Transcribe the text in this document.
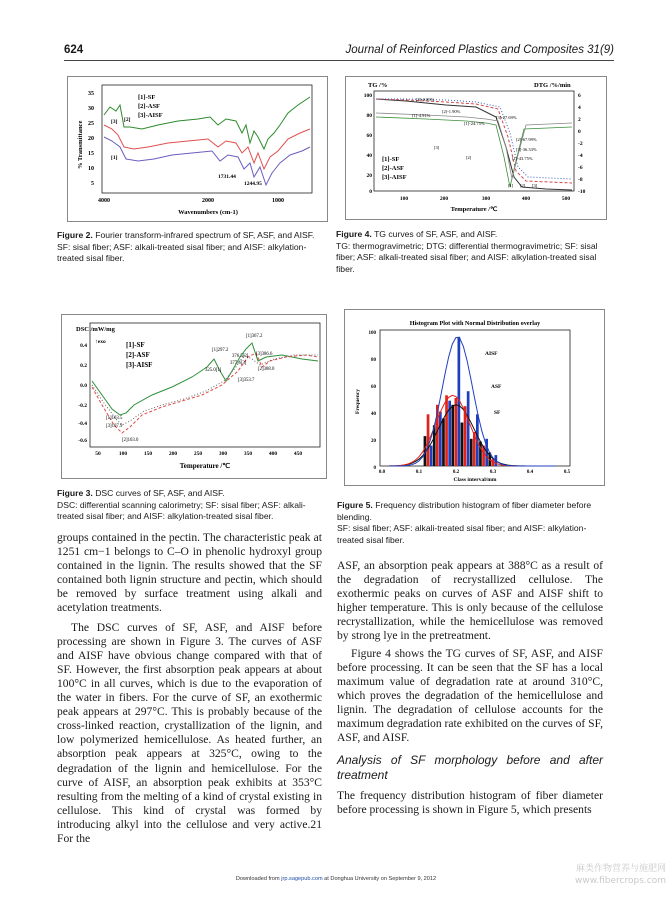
624	Journal of Reinforced Plastics and Composites 31(9)
% Transmittance
35
30
25
20
15
10
5
4000	2000	1000
Wavenumbers (cm-1)
[1]-SF
[2]-ASF
[3]-AISF
[3] [2]
[1]
1731.44
1244.95
Figure 2. Fourier transform-infrared spectrum of SF, ASF, and AISF.
SF: sisal fiber; ASF: alkali-treated sisal fiber; and AISF: alkylation-treated sisal fiber.
TG /%	DTG /%/min
100
80
60
40
20
0
6
4
2
0
-2
-4
-6
-8
-10
100	200	300	400	500
Temperature /℃
[1]-SF
[2]-ASF
[3]-AISF
[3]-0.89%
[1]-4.91%
[2]-1.90%
[1]-24.75%
[3]-27.69%
[2]-67.99%
[3]-36.33%
[1]-43.75%
[3]
[2]
[1] [2] [3]
Figure 4. TG curves of SF, ASF, and AISF.
TG: thermogravimetric; DTG: differential thermogravimetric; SF: sisal fiber; ASF: alkali-treated sisal fiber; and AISF: alkylation-treated sisal fiber.
DSC /mW/mg
↑exo
0.4
0.2
0.0
-0.2
-0.4
-0.6
50	100	150	200	250	300	350	400	450
Temperature /℃
[1]-SF
[2]-ASF
[3]-AISF
[1]367.2
[1]297.2
376.5[2] [3]386.6
377.6[3]
325.0[1]	[2]388.0
[3]353.7
[1]103.5
[3]107.9
[2]103.0
Figure 3. DSC curves of SF, ASF, and AISF.
DSC: differential scanning calorimetry; SF: sisal fiber; ASF: alkali-treated sisal fiber; and AISF: alkylation-treated sisal fiber.
Histogram Plot with Normal Distribution overlay
Frequency
100
80
60
40
20
0
0.0	0.1	0.2	0.3	0.4	0.5
Class interval/mm
AISF
ASF
SF
Figure 5. Frequency distribution histogram of fiber diameter before blending.
SF: sisal fiber; ASF: alkali-treated sisal fiber; and AISF: alkylation-treated sisal fiber.

groups contained in the pectin. The characteristic peak at 1251 cm−1 belongs to C–O in phenolic hydroxyl group contained in the lignin. The results showed that the SF contained both lignin structure and pectin, which should be removed by surface treatment using alkali and acetylation treatments.

The DSC curves of SF, ASF, and AISF before processing are shown in Figure 3. The curves of ASF and AISF have obvious change compared with that of SF. However, the first absorption peak appears at about 100°C in all curves, which is due to the evaporation of the water in fibers. For the curve of SF, an exothermic peak appears at 297°C. This is probably because of the cross-linked reaction, crystallization of the lignin, and low polymerized hemicellulose. As heated further, an absorption peak appears at 325°C, owing to the degradation of the lignin and hemicellulose. For the curve of AISF, an absorption peak exhibits at 353°C resulting from the melting of a kind of crystal existing in cellulose. This kind of crystal was formed by introducing alkyl into the cellulose and very active.21 For the

ASF, an absorption peak appears at 388°C as a result of the degradation of recrystallized cellulose. The exothermic peaks on curves of ASF and AISF shift to higher temperature. This is only because of the cellulose recrystallization, while the hemicellulose was removed by strong lye in the pretreatment.

Figure 4 shows the TG curves of SF, ASF, and AISF before processing. It can be seen that the SF has a local maximum value of degradation rate at around 310°C, which proves the degradation of the hemicellulose and lignin. The degradation of cellulose accounts for the maximum degradation rate exhibited on the curves of SF, ASF, and AISF.

Analysis of SF morphology before and after treatment

The frequency distribution histogram of fiber diameter before processing is shown in Figure 5, which presents

Downloaded from jrp.sagepub.com at Donghua University on September 9, 2012
麻类作物营养与施肥网
www.fibercrops.com
